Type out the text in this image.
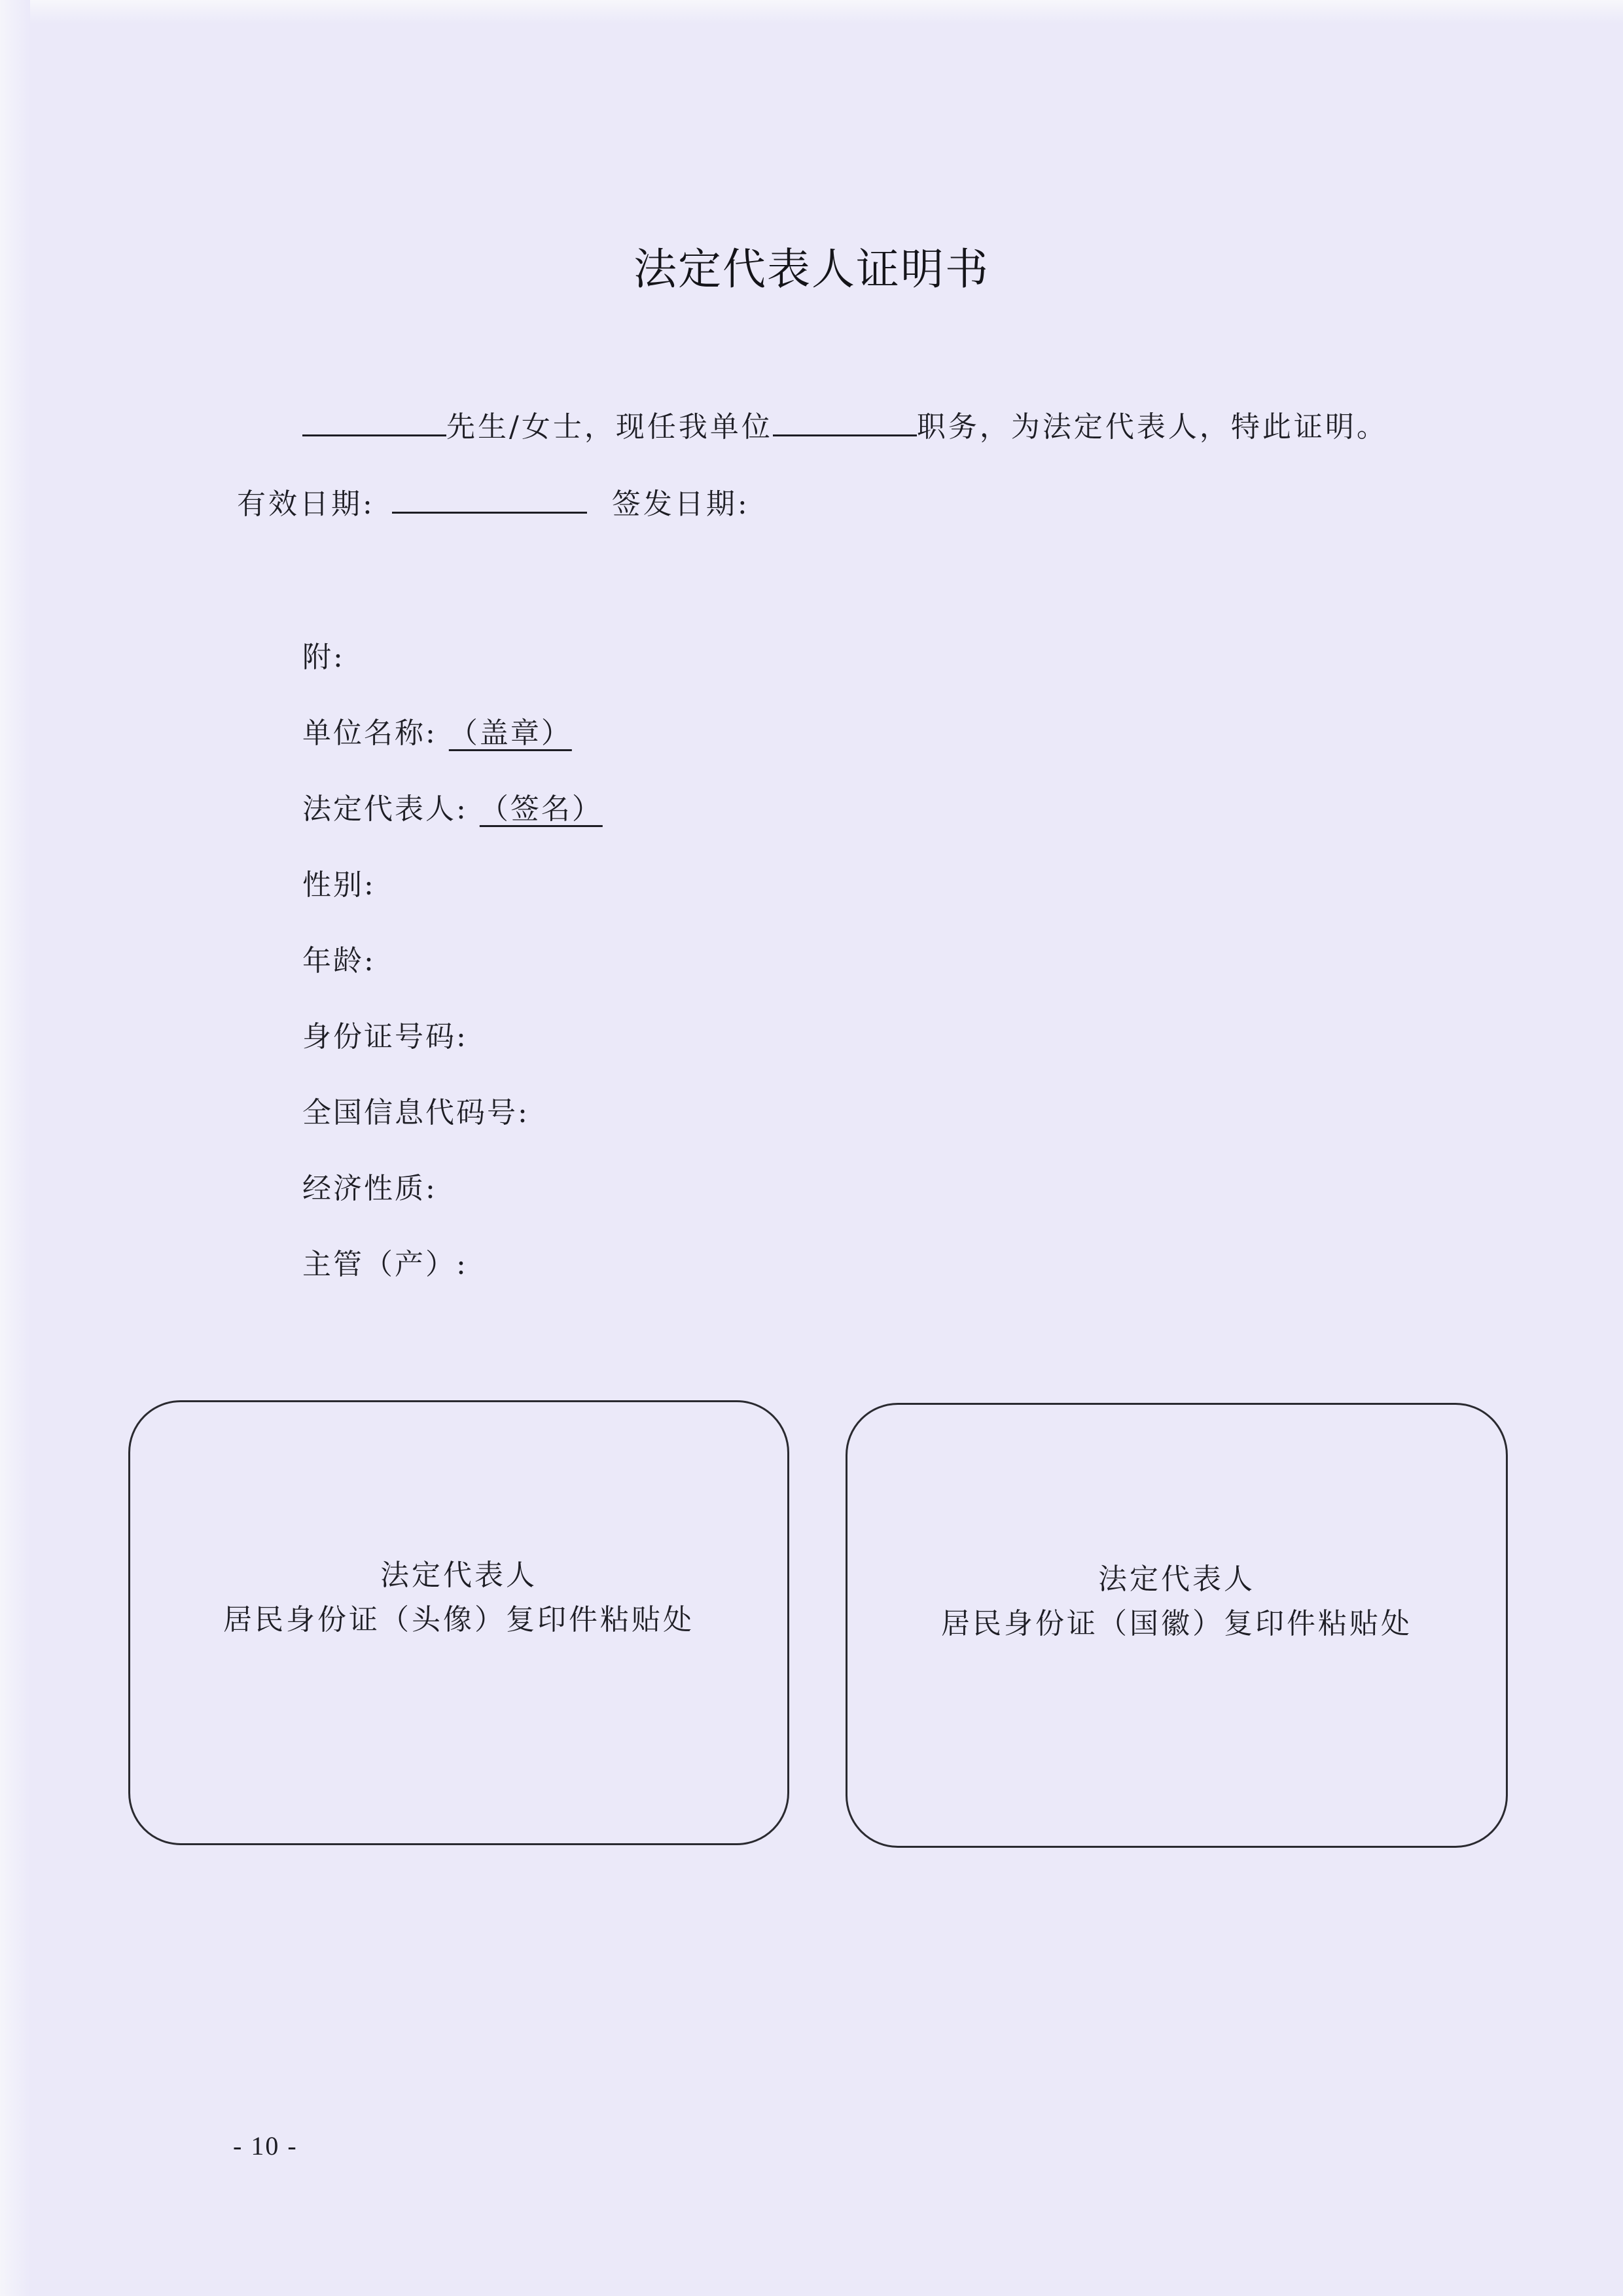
法定代表人证明书
先生/女士，现任我单位	职务，为法定代表人，特此证明。
有效日期:	签发日期:
附:
单位名称: （盖章）
法定代表人: （签名）
性别:
年龄:
身份证号码:
全国信息代码号:
经济性质:
主管（产）:
法定代表人
居民身份证（头像）复印件粘贴处
法定代表人
居民身份证（国徽）复印件粘贴处
- 10 -
